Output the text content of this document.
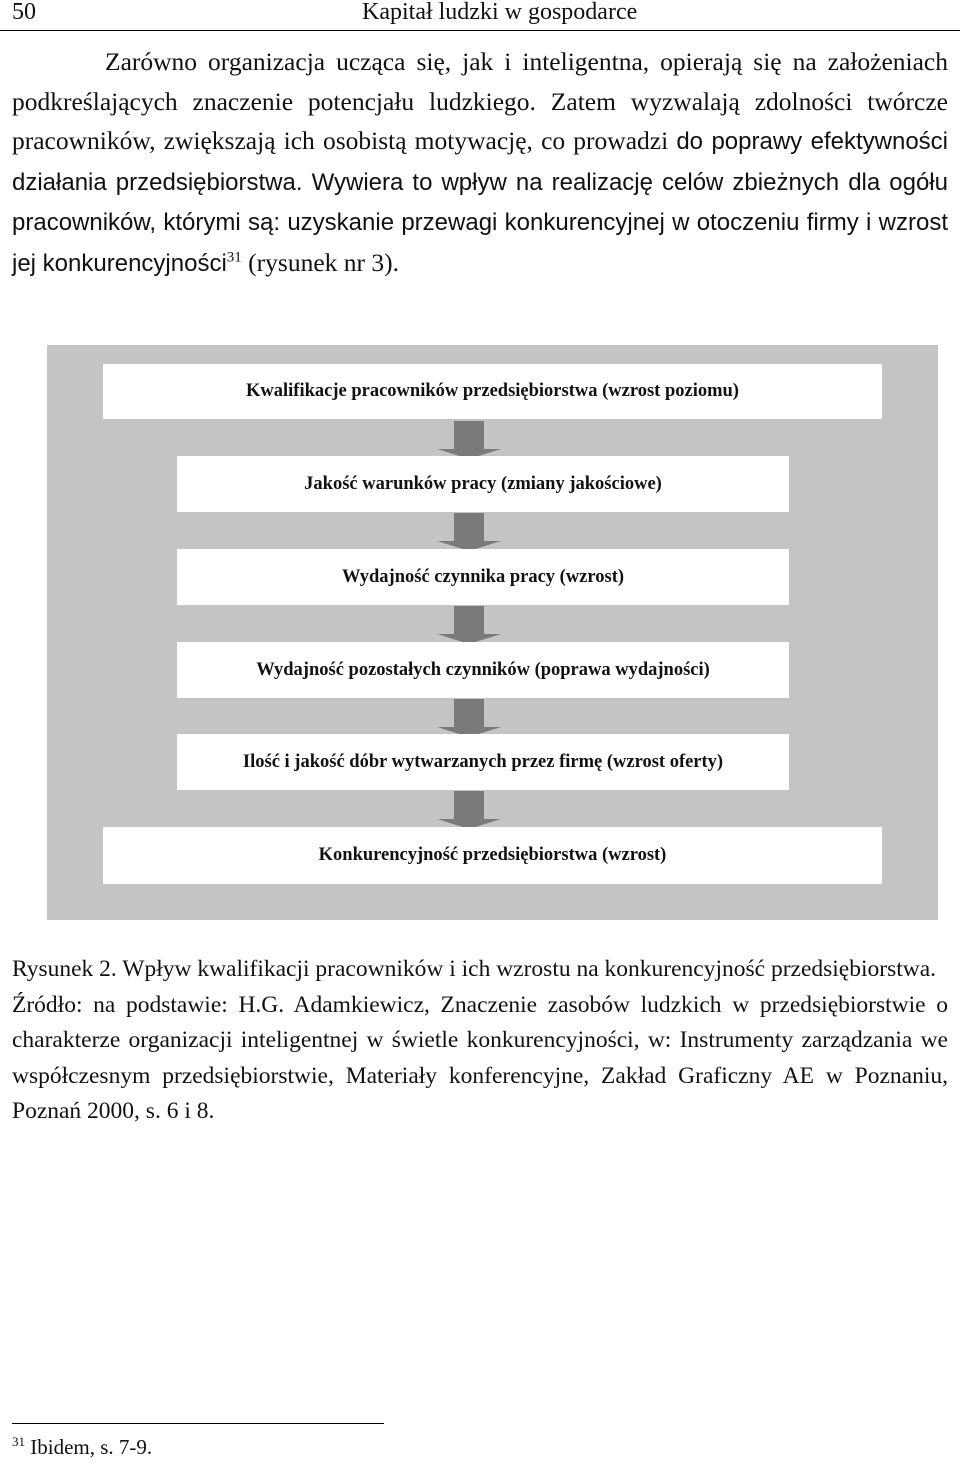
50	Kapitał ludzki w gospodarce

Zarówno organizacja ucząca się, jak i inteligentna, opierają się na założeniach podkreślających znaczenie potencjału ludzkiego. Zatem wyzwalają zdolności twórcze pracowników, zwiększają ich osobistą motywację, co prowadzi do poprawy efektywności działania przedsiębiorstwa. Wywiera to wpływ na realizację celów zbieżnych dla ogółu pracowników, którymi są: uzyskanie przewagi konkurencyjnej w otoczeniu firmy i wzrost jej konkurencyjności$^{31}$ (rysunek nr 3).

Kwalifikacje pracowników przedsiębiorstwa (wzrost poziomu)
Jakość warunków pracy (zmiany jakościowe)
Wydajność czynnika pracy (wzrost)
Wydajność pozostałych czynników (poprawa wydajności)
Ilość i jakość dóbr wytwarzanych przez firmę (wzrost oferty)
Konkurencyjność przedsiębiorstwa (wzrost)

Rysunek 2. Wpływ kwalifikacji pracowników i ich wzrostu na konkurencyjność przedsiębiorstwa.

Źródło: na podstawie: H.G. Adamkiewicz, Znaczenie zasobów ludzkich w przedsiębiorstwie o charakterze organizacji inteligentnej w świetle konkurencyjności, w: Instrumenty zarządzania we współczesnym przedsiębiorstwie, Materiały konferencyjne, Zakład Graficzny AE w Poznaniu, Poznań 2000, s. 6 i 8.

$^{31}$ Ibidem, s. 7-9.
